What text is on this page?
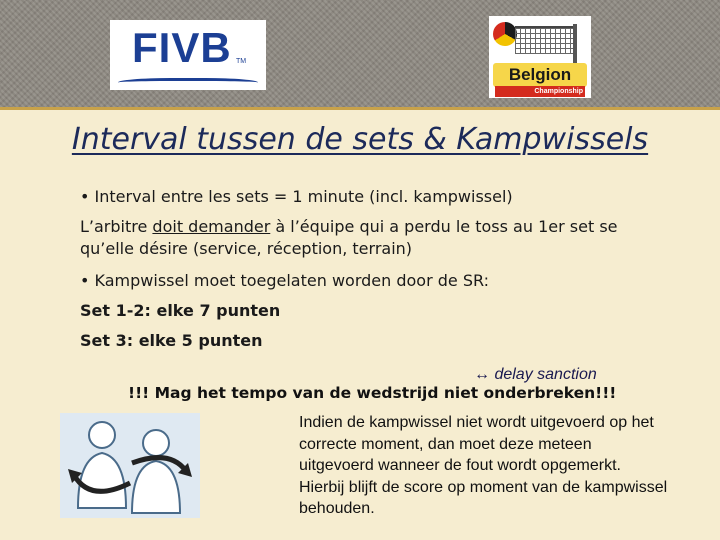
FIVB TM
Belgion
Championship
Interval tussen de sets & Kampwissels
• Interval entre les sets = 1 minute (incl. kampwissel)
L’arbitre doit demander à l’équipe qui a perdu le toss au 1er set se qu’elle désire (service, réception, terrain)
• Kampwissel moet toegelaten worden door de SR:
Set 1-2: elke 7 punten
Set 3: elke 5 punten
↔ delay sanction
!!! Mag het tempo van de wedstrijd niet onderbreken!!!
Indien de kampwissel niet wordt uitgevoerd op het correcte moment, dan moet deze meteen uitgevoerd wanneer de fout wordt opgemerkt. Hierbij blijft de score op moment van de kampwissel behouden.
